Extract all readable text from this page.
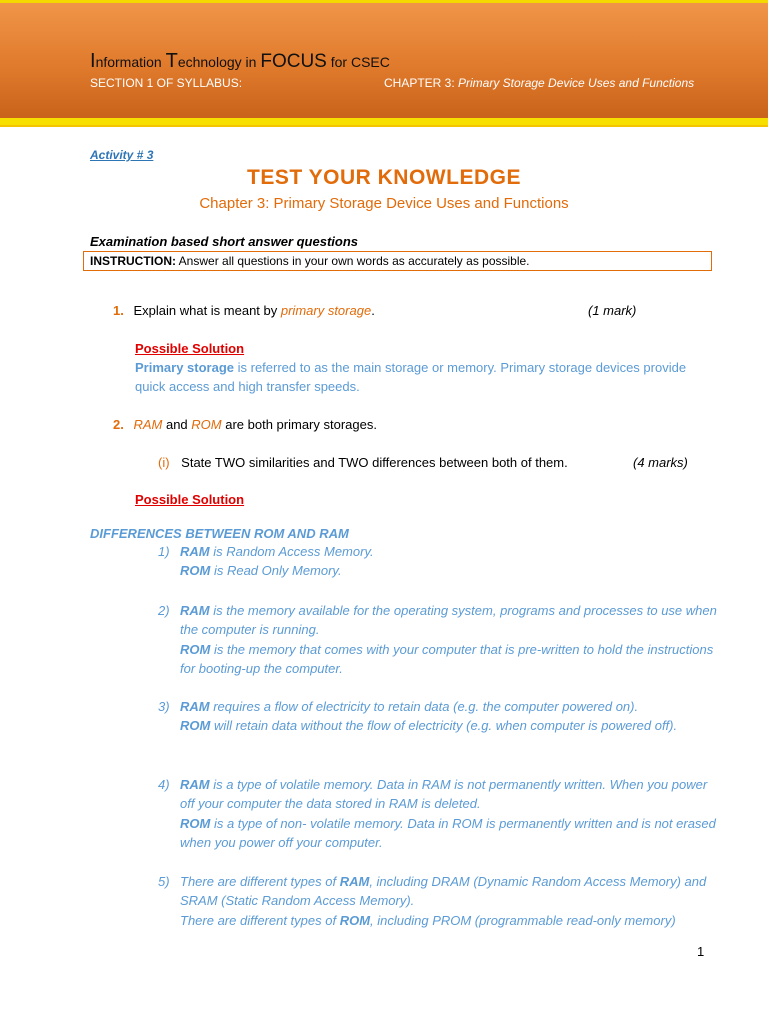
Information Technology in FOCUS for CSEC
SECTION 1 OF SYLLABUS:	CHAPTER 3: Primary Storage Device Uses and Functions
Activity # 3
TEST YOUR KNOWLEDGE
Chapter 3: Primary Storage Device Uses and Functions
Examination based short answer questions
INSTRUCTION: Answer all questions in your own words as accurately as possible.
1. Explain what is meant by primary storage.	(1 mark)
Possible Solution
Primary storage is referred to as the main storage or memory. Primary storage devices provide quick access and high transfer speeds.
2. RAM and ROM are both primary storages.
(i) State TWO similarities and TWO differences between both of them.	(4 marks)
Possible Solution
DIFFERENCES BETWEEN ROM AND RAM
1) RAM is Random Access Memory.
ROM is Read Only Memory.
2) RAM is the memory available for the operating system, programs and processes to use when the computer is running.
ROM is the memory that comes with your computer that is pre-written to hold the instructions for booting-up the computer.
3) RAM requires a flow of electricity to retain data (e.g. the computer powered on).
ROM will retain data without the flow of electricity (e.g. when computer is powered off).
4) RAM is a type of volatile memory. Data in RAM is not permanently written. When you power off your computer the data stored in RAM is deleted.
ROM is a type of non- volatile memory. Data in ROM is permanently written and is not erased when you power off your computer.
5) There are different types of RAM, including DRAM (Dynamic Random Access Memory) and SRAM (Static Random Access Memory).
There are different types of ROM, including PROM (programmable read-only memory)
1
